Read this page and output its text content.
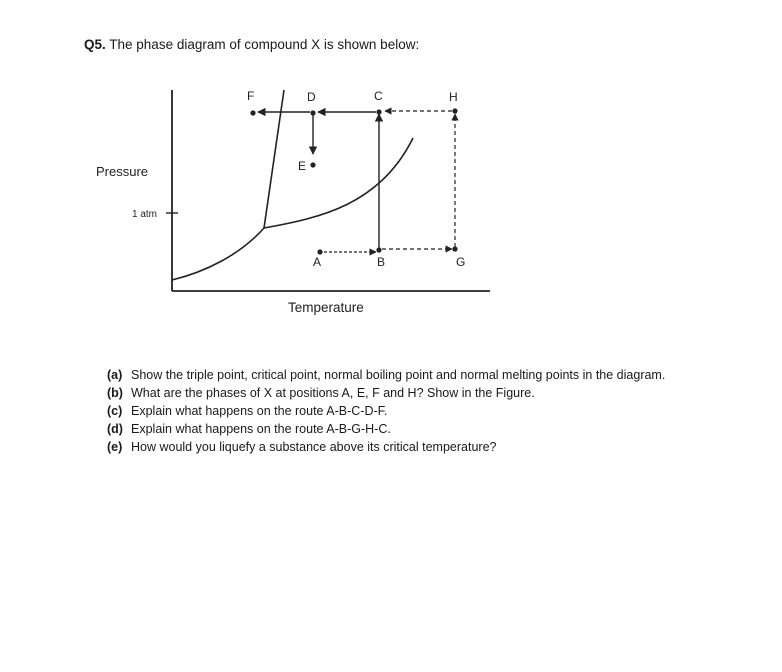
Q5. The phase diagram of compound X is shown below:
1 atm
Pressure
Temperature
F	D	C	H
E
A	B	G
(a) Show the triple point, critical point, normal boiling point and normal melting points in the diagram.
(b) What are the phases of X at positions A, E, F and H? Show in the Figure.
(c) Explain what happens on the route A-B-C-D-F.
(d) Explain what happens on the route A-B-G-H-C.
(e) How would you liquefy a substance above its critical temperature?
